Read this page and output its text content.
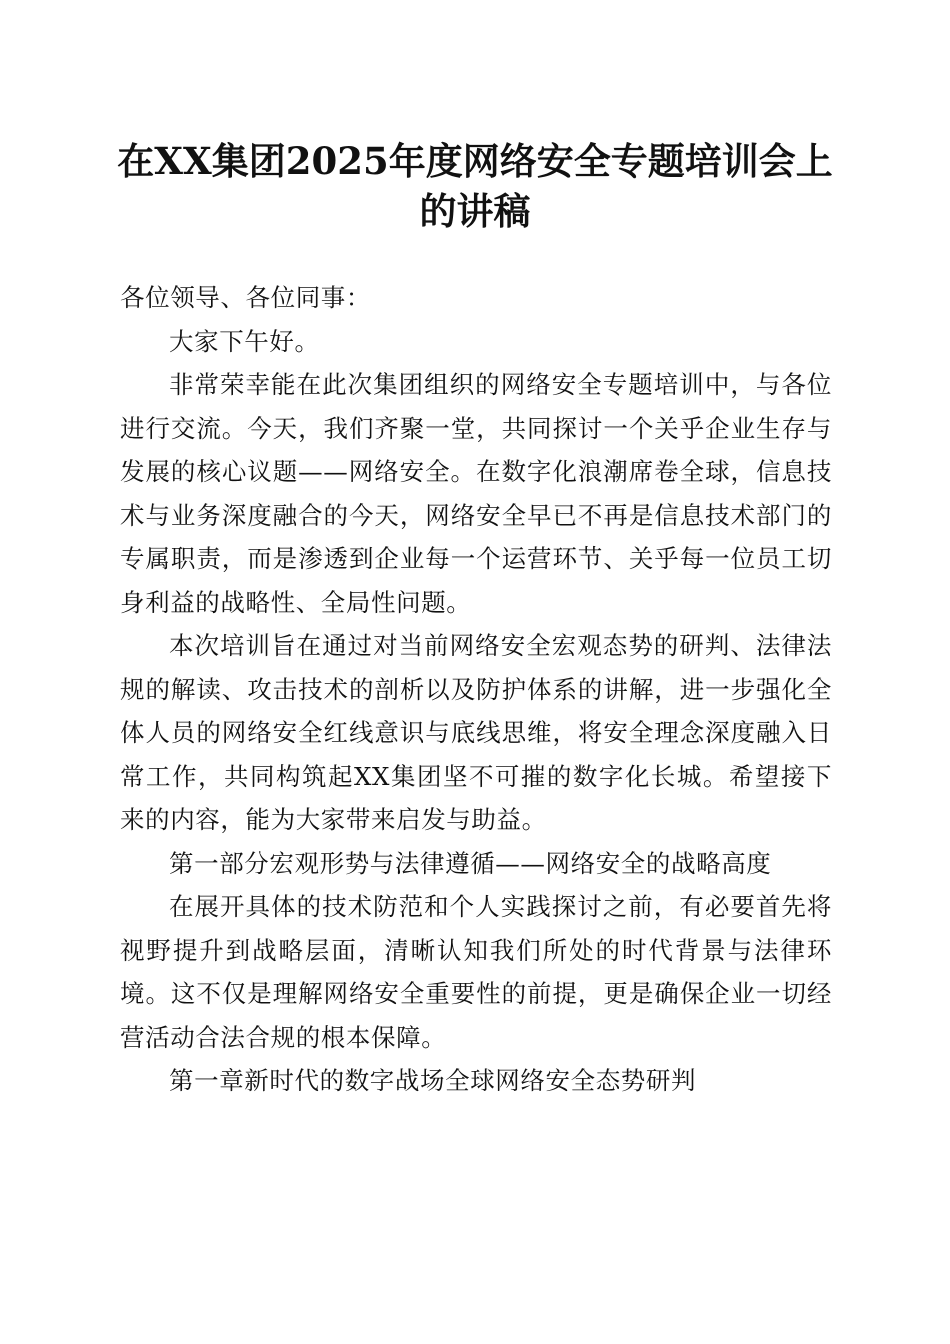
在XX集团2025年度网络安全专题培训会上的讲稿

各位领导、各位同事：

大家下午好。

非常荣幸能在此次集团组织的网络安全专题培训中，与各位进行交流。今天，我们齐聚一堂，共同探讨一个关乎企业生存与发展的核心议题——网络安全。在数字化浪潮席卷全球，信息技术与业务深度融合的今天，网络安全早已不再是信息技术部门的专属职责，而是渗透到企业每一个运营环节、关乎每一位员工切身利益的战略性、全局性问题。

本次培训旨在通过对当前网络安全宏观态势的研判、法律法规的解读、攻击技术的剖析以及防护体系的讲解，进一步强化全体人员的网络安全红线意识与底线思维，将安全理念深度融入日常工作，共同构筑起XX集团坚不可摧的数字化长城。希望接下来的内容，能为大家带来启发与助益。

第一部分宏观形势与法律遵循——网络安全的战略高度

在展开具体的技术防范和个人实践探讨之前，有必要首先将视野提升到战略层面，清晰认知我们所处的时代背景与法律环境。这不仅是理解网络安全重要性的前提，更是确保企业一切经营活动合法合规的根本保障。

第一章新时代的数字战场全球网络安全态势研判
